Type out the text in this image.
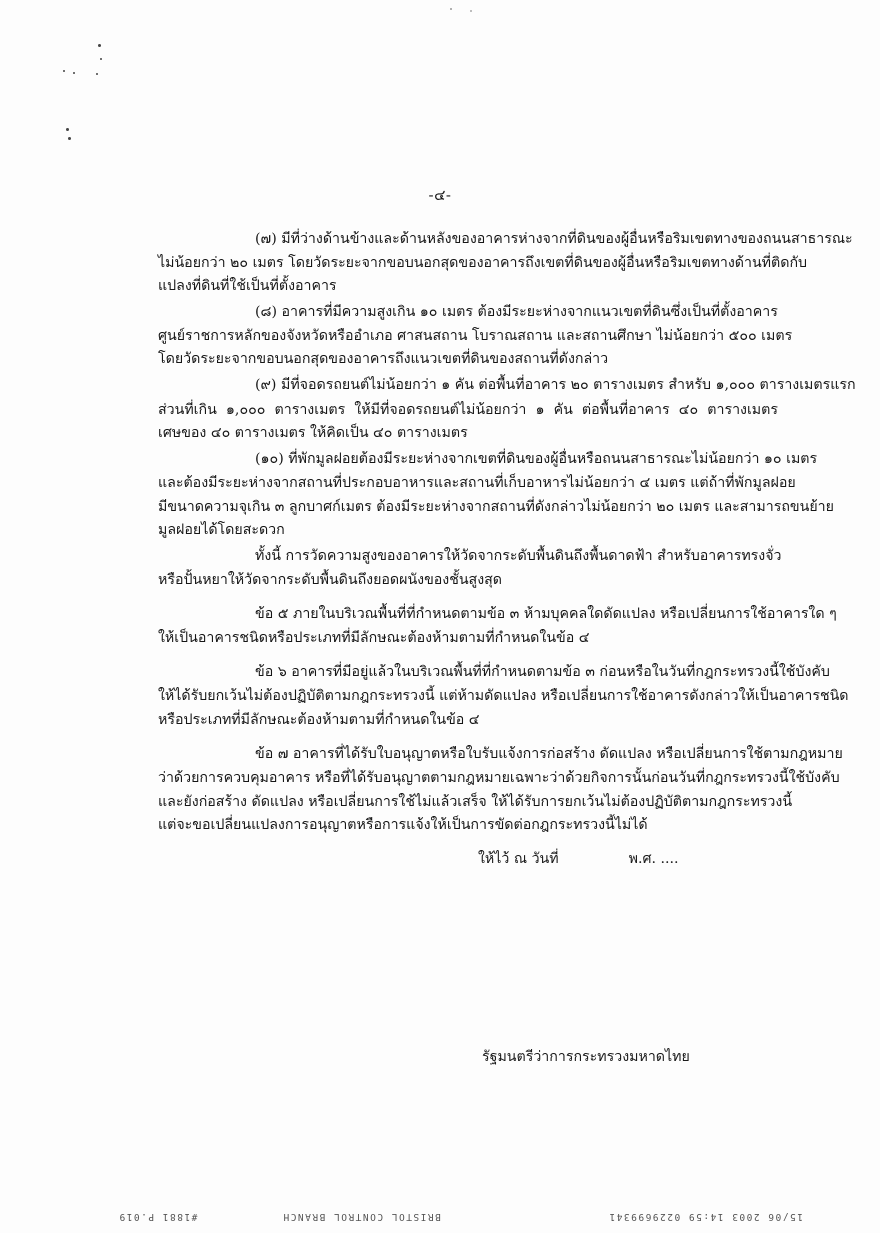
-๔-
(๗) มีที่ว่างด้านข้างและด้านหลังของอาคารห่างจากที่ดินของผู้อื่นหรือริมเขตทางของถนนสาธารณะ
ไม่น้อยกว่า ๒๐ เมตร โดยวัดระยะจากขอบนอกสุดของอาคารถึงเขตที่ดินของผู้อื่นหรือริมเขตทางด้านที่ติดกับ
แปลงที่ดินที่ใช้เป็นที่ตั้งอาคาร
(๘) อาคารที่มีความสูงเกิน ๑๐ เมตร ต้องมีระยะห่างจากแนวเขตที่ดินซึ่งเป็นที่ตั้งอาคาร
ศูนย์ราชการหลักของจังหวัดหรืออำเภอ ศาสนสถาน โบราณสถาน และสถานศึกษา ไม่น้อยกว่า ๕๐๐ เมตร
โดยวัดระยะจากขอบนอกสุดของอาคารถึงแนวเขตที่ดินของสถานที่ดังกล่าว
(๙) มีที่จอดรถยนต์ไม่น้อยกว่า ๑ คัน ต่อพื้นที่อาคาร ๒๐ ตารางเมตร สำหรับ ๑,๐๐๐ ตารางเมตรแรก
ส่วนที่เกิน ๑,๐๐๐ ตารางเมตร ให้มีที่จอดรถยนต์ไม่น้อยกว่า ๑ คัน ต่อพื้นที่อาคาร ๔๐ ตารางเมตร
เศษของ ๔๐ ตารางเมตร ให้คิดเป็น ๔๐ ตารางเมตร
(๑๐) ที่พักมูลฝอยต้องมีระยะห่างจากเขตที่ดินของผู้อื่นหรือถนนสาธารณะไม่น้อยกว่า ๑๐ เมตร
และต้องมีระยะห่างจากสถานที่ประกอบอาหารและสถานที่เก็บอาหารไม่น้อยกว่า ๔ เมตร แต่ถ้าที่พักมูลฝอย
มีขนาดความจุเกิน ๓ ลูกบาศก์เมตร ต้องมีระยะห่างจากสถานที่ดังกล่าวไม่น้อยกว่า ๒๐ เมตร และสามารถขนย้าย
มูลฝอยได้โดยสะดวก
ทั้งนี้ การวัดความสูงของอาคารให้วัดจากระดับพื้นดินถึงพื้นดาดฟ้า สำหรับอาคารทรงจั่ว
หรือปั้นหยาให้วัดจากระดับพื้นดินถึงยอดผนังของชั้นสูงสุด
ข้อ ๕ ภายในบริเวณพื้นที่ที่กำหนดตามข้อ ๓ ห้ามบุคคลใดดัดแปลง หรือเปลี่ยนการใช้อาคารใด ๆ
ให้เป็นอาคารชนิดหรือประเภทที่มีลักษณะต้องห้ามตามที่กำหนดในข้อ ๔
ข้อ ๖ อาคารที่มีอยู่แล้วในบริเวณพื้นที่ที่กำหนดตามข้อ ๓ ก่อนหรือในวันที่กฎกระทรวงนี้ใช้บังคับ
ให้ได้รับยกเว้นไม่ต้องปฏิบัติตามกฎกระทรวงนี้ แต่ห้ามดัดแปลง หรือเปลี่ยนการใช้อาคารดังกล่าวให้เป็นอาคารชนิด
หรือประเภทที่มีลักษณะต้องห้ามตามที่กำหนดในข้อ ๔
ข้อ ๗ อาคารที่ได้รับใบอนุญาตหรือใบรับแจ้งการก่อสร้าง ดัดแปลง หรือเปลี่ยนการใช้ตามกฎหมาย
ว่าด้วยการควบคุมอาคาร หรือที่ได้รับอนุญาตตามกฎหมายเฉพาะว่าด้วยกิจการนั้นก่อนวันที่กฎกระทรวงนี้ใช้บังคับ
และยังก่อสร้าง ดัดแปลง หรือเปลี่ยนการใช้ไม่แล้วเสร็จ ให้ได้รับการยกเว้นไม่ต้องปฏิบัติตามกฎกระทรวงนี้
แต่จะขอเปลี่ยนแปลงการอนุญาตหรือการแจ้งให้เป็นการขัดต่อกฎกระทรวงนี้ไม่ได้
ให้ไว้ ณ วันที่	พ.ศ. ....
รัฐมนตรีว่าการกระทรวงมหาดไทย
#1881 P.019	BRISTOL CONTROL BRANCH	15/06 2003 14:59 0229699341
